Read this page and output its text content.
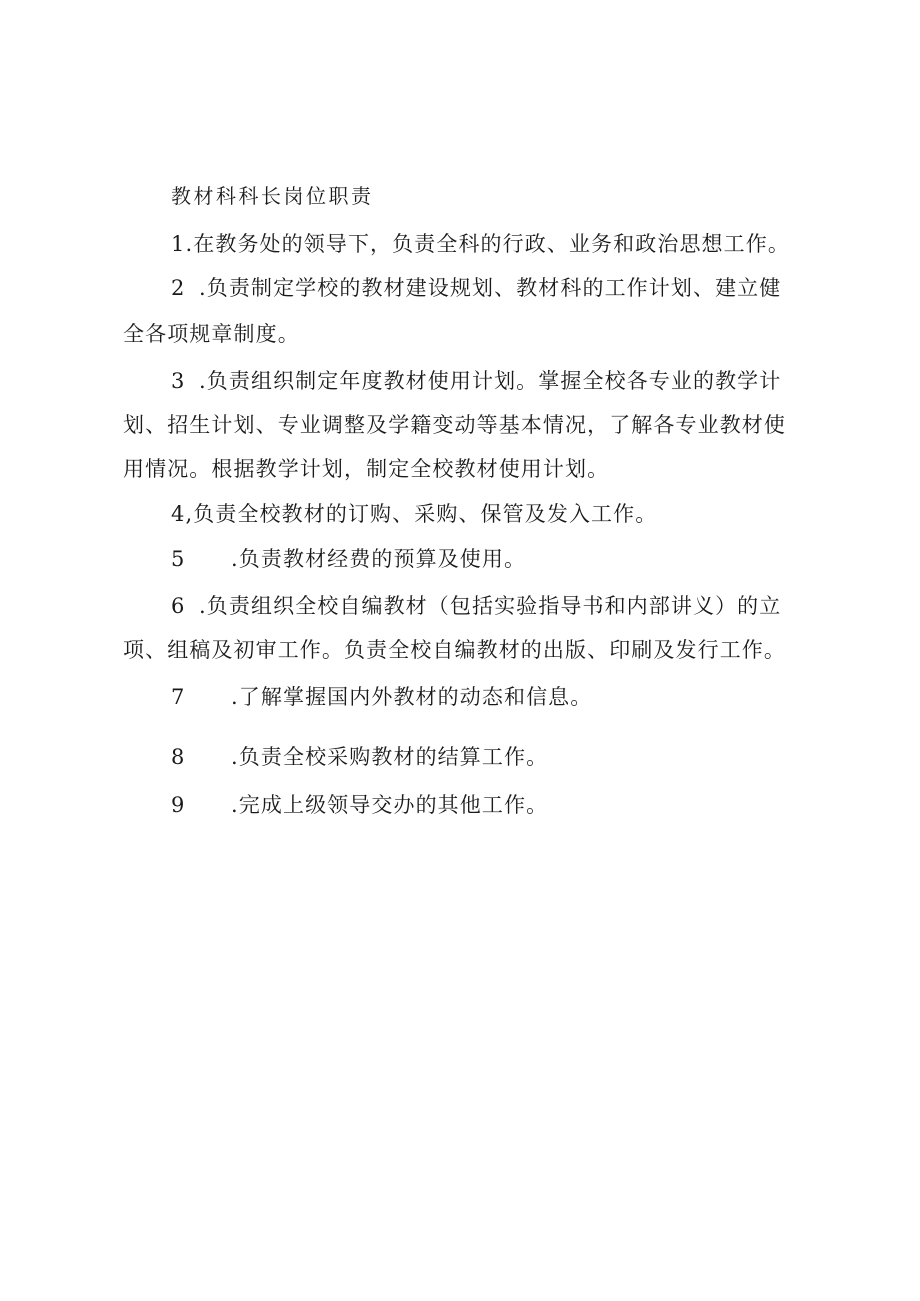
教材科科长岗位职责
1.在教务处的领导下，负责全科的行政、业务和政治思想工作。
2 .负责制定学校的教材建设规划、教材科的工作计划、建立健
全各项规章制度。
3 .负责组织制定年度教材使用计划。掌握全校各专业的教学计
划、招生计划、专业调整及学籍变动等基本情况，了解各专业教材使
用情况。根据教学计划，制定全校教材使用计划。
4,负责全校教材的订购、采购、保管及发入工作。
5 .负责教材经费的预算及使用。
6 .负责组织全校自编教材（包括实验指导书和内部讲义）的立
项、组稿及初审工作。负责全校自编教材的出版、印刷及发行工作。
7 .了解掌握国内外教材的动态和信息。
8 .负责全校采购教材的结算工作。
9 .完成上级领导交办的其他工作。
